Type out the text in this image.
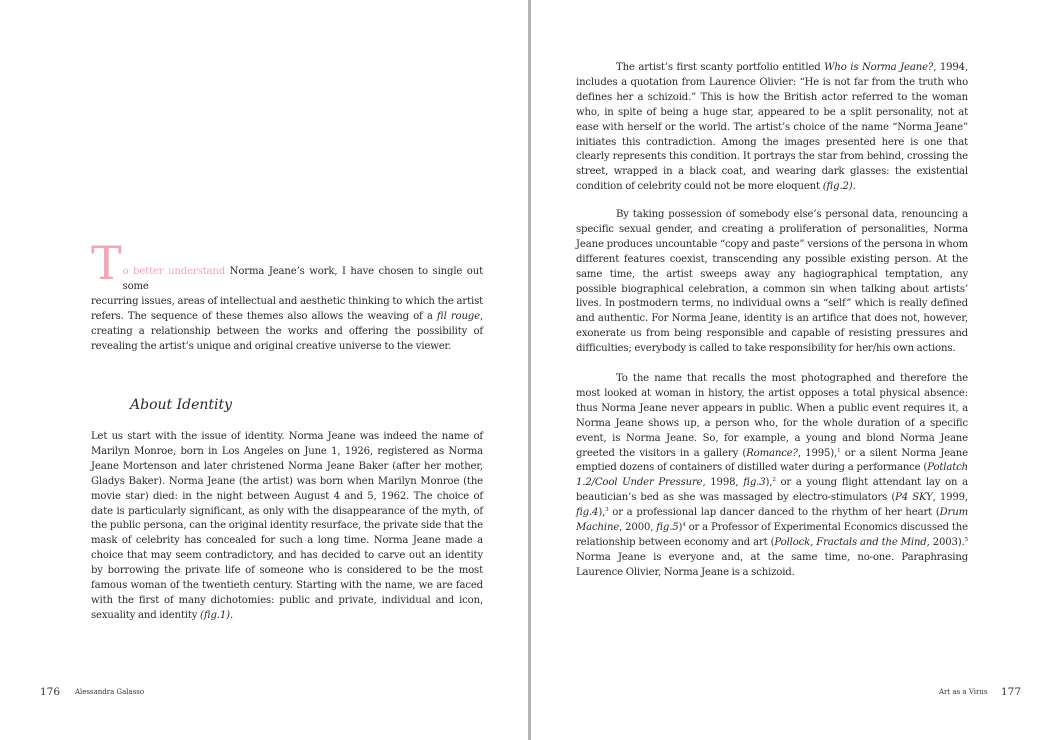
T o better understand Norma Jeane’s work, I have chosen to single out some
recurring issues, areas of intellectual and aesthetic thinking to which the artist refers. The sequence of these themes also allows the weaving of a fil rouge, creating a relationship between the works and offering the possibility of revealing the artist’s unique and original creative universe to the viewer.
About Identity
Let us start with the issue of identity. Norma Jeane was indeed the name of Marilyn Monroe, born in Los Angeles on June 1, 1926, registered as Norma Jeane Mortenson and later christened Norma Jeane Baker (after her mother, Gladys Baker). Norma Jeane (the artist) was born when Marilyn Monroe (the movie star) died: in the night between August 4 and 5, 1962. The choice of date is particularly significant, as only with the disappearance of the myth, of the public persona, can the original identity resurface, the private side that the mask of celebrity has concealed for such a long time. Norma Jeane made a choice that may seem contradictory, and has decided to carve out an identity by borrowing the private life of someone who is considered to be the most famous woman of the twentieth century. Starting with the name, we are faced with the first of many dichotomies: public and private, individual and icon, sexuality and identity (fig.1).
176 Alessandra Galasso
The artist’s first scanty portfolio entitled Who is Norma Jeane?, 1994, includes a quotation from Laurence Olivier: “He is not far from the truth who defines her a schizoid.” This is how the British actor referred to the woman who, in spite of being a huge star, appeared to be a split personality, not at ease with herself or the world. The artist’s choice of the name “Norma Jeane” initiates this contradiction. Among the images presented here is one that clearly represents this condition. It portrays the star from behind, crossing the street, wrapped in a black coat, and wearing dark glasses: the existential condition of celebrity could not be more eloquent (fig.2).
By taking possession of somebody else’s personal data, renouncing a specific sexual gender, and creating a proliferation of personalities, Norma Jeane produces uncountable “copy and paste” versions of the persona in whom different features coexist, transcending any possible existing person. At the same time, the artist sweeps away any hagiographical temptation, any possible biographical celebration, a common sin when talking about artists’ lives. In postmodern terms, no individual owns a “self” which is really defined and authentic. For Norma Jeane, identity is an artifice that does not, however, exonerate us from being responsible and capable of resisting pressures and difficulties; everybody is called to take responsibility for her/his own actions.
To the name that recalls the most photographed and therefore the most looked at woman in history, the artist opposes a total physical absence: thus Norma Jeane never appears in public. When a public event requires it, a Norma Jeane shows up, a person who, for the whole duration of a specific event, is Norma Jeane. So, for example, a young and blond Norma Jeane greeted the visitors in a gallery (Romance?, 1995),$^1$ or a silent Norma Jeane emptied dozens of containers of distilled water during a performance (Potlatch 1.2/Cool Under Pressure, 1998, fig.3),$^2$ or a young flight attendant lay on a beautician’s bed as she was massaged by electro-stimulators (P4 SKY, 1999, fig.4),$^3$ or a professional lap dancer danced to the rhythm of her heart (Drum Machine, 2000, fig.5)$^4$ or a Professor of Experimental Economics discussed the relationship between economy and art (Pollock, Fractals and the Mind, 2003).$^5$ Norma Jeane is everyone and, at the same time, no-one. Paraphrasing Laurence Olivier, Norma Jeane is a schizoid.
Art as a Virus 177
